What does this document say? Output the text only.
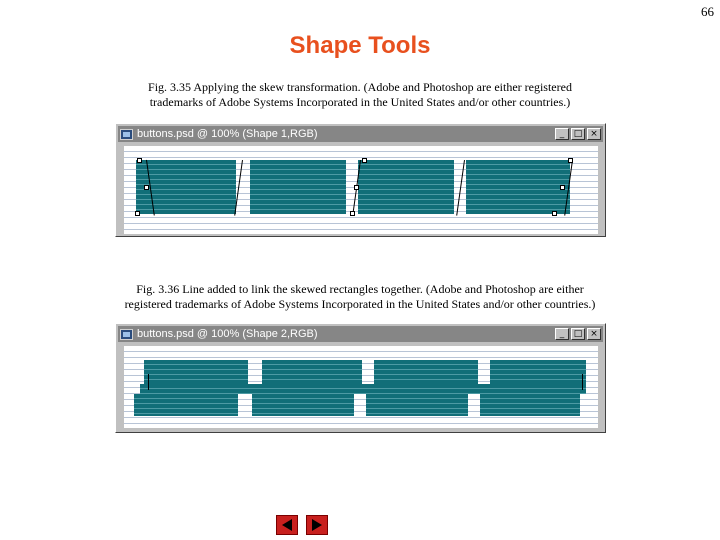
66
Shape Tools
Fig. 3.35 Applying the skew transformation. (Adobe and Photoshop are either registered
trademarks of Adobe Systems Incorporated in the United States and/or other countries.)
buttons.psd @ 100% (Shape 1,RGB)	_	□ ×
Fig. 3.36 Line added to link the skewed rectangles together. (Adobe and Photoshop are either
registered trademarks of Adobe Systems Incorporated in the United States and/or other countries.)
buttons.psd @ 100% (Shape 2,RGB)	_	□ ×
